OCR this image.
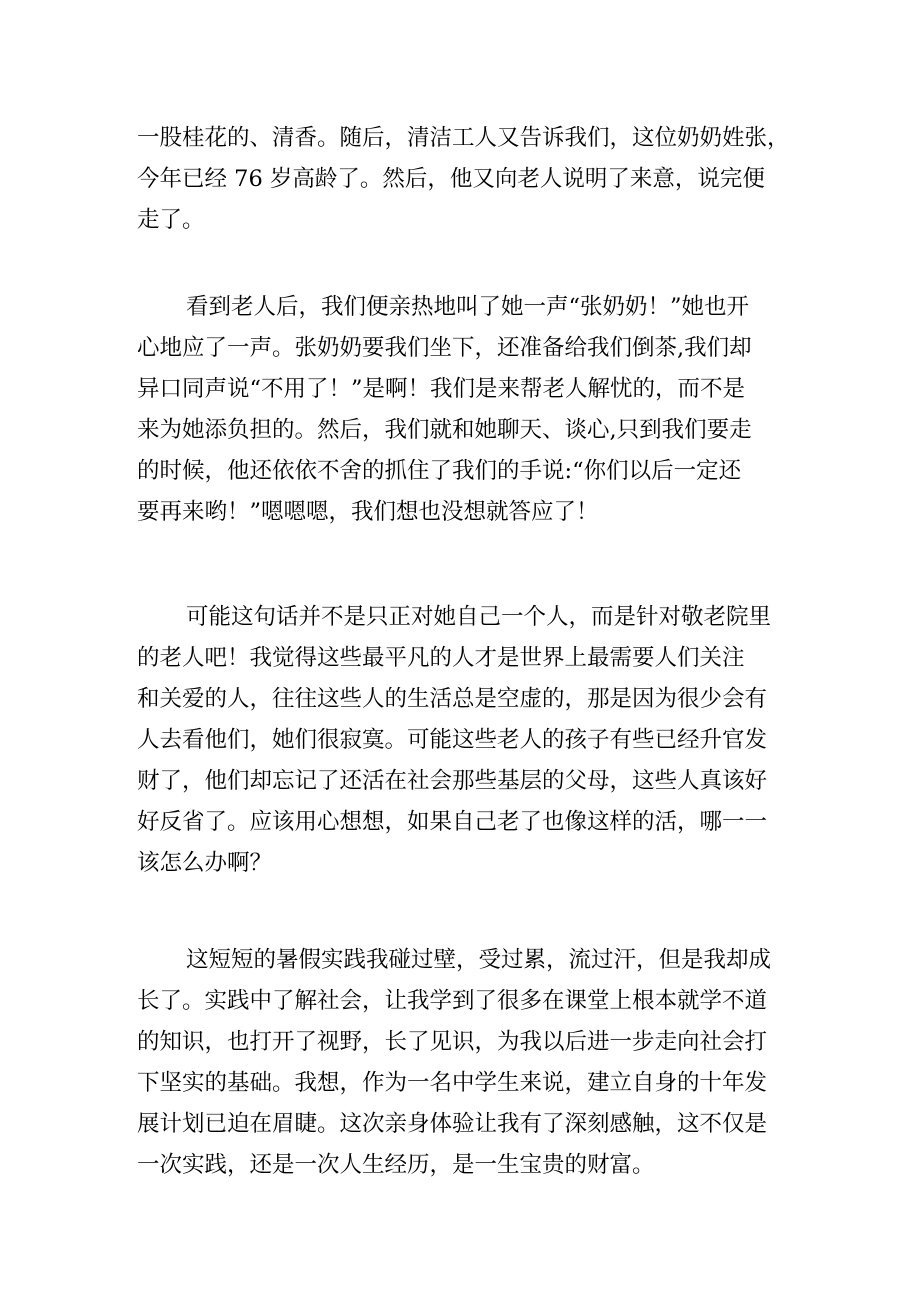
一股桂花的、清香。随后，清洁工人又告诉我们，这位奶奶姓张，
今年已经 76 岁高龄了。然后，他又向老人说明了来意，说完便
走了。
看到老人后，我们便亲热地叫了她一声“张奶奶！”她也开
心地应了一声。张奶奶要我们坐下，还准备给我们倒茶,我们却
异口同声说“不用了！”是啊！我们是来帮老人解忧的，而不是
来为她添负担的。然后，我们就和她聊天、谈心,只到我们要走
的时候，他还依依不舍的抓住了我们的手说:“你们以后一定还
要再来哟！”嗯嗯嗯，我们想也没想就答应了！
可能这句话并不是只正对她自己一个人，而是针对敬老院里
的老人吧！我觉得这些最平凡的人才是世界上最需要人们关注
和关爱的人，往往这些人的生活总是空虚的，那是因为很少会有
人去看他们，她们很寂寞。可能这些老人的孩子有些已经升官发
财了，他们却忘记了还活在社会那些基层的父母，这些人真该好
好反省了。应该用心想想，如果自己老了也像这样的活，哪一一
该怎么办啊？
这短短的暑假实践我碰过壁，受过累，流过汗，但是我却成
长了。实践中了解社会，让我学到了很多在课堂上根本就学不道
的知识，也打开了视野，长了见识，为我以后进一步走向社会打
下坚实的基础。我想，作为一名中学生来说，建立自身的十年发
展计划已迫在眉睫。这次亲身体验让我有了深刻感触，这不仅是
一次实践，还是一次人生经历，是一生宝贵的财富。
